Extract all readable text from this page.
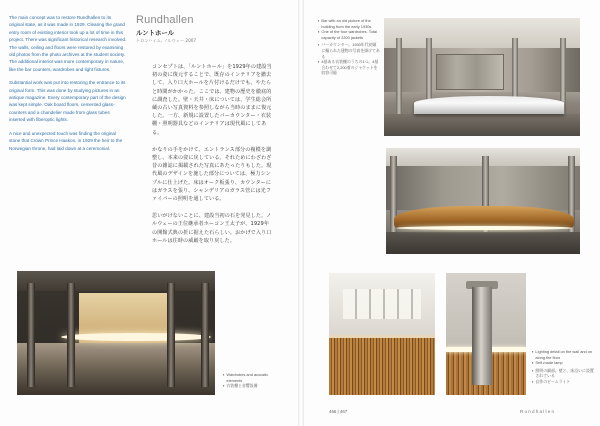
The main concept was to restore Rundhallen to its original state, as it was made in 1929. Clearing the grand entry room of existing interior took up a lot of time in this project. There was significant historical research involved. The walls, ceiling and floors were restored by examining old photos from the photo archives at the student society. The additional interior was more contemporary in nature, like the bar counters, wardrobes and light fixtures.

Substantial work was put into restoring the entrance to its original form. This was done by studying pictures in an antique magazine. Every contemporary part of the design was kept simple. Oak board floors, cemented glass-counters and a chandelier made from glass tubes inserted with fiberoptic lights.

A nice and unexpected touch was finding the original stone that Crown Prince Haakon, in 1929 the heir to the Norwegian throne, had laid down at a ceremonial.

Rundhallen
ルントホール
トロンハイム, ノルウェー 2007

コンセプトは、「ルントホール」を1929年の建設当初の姿に復元することで、既存のインテリアを撤去して、入り口大ホールを片付けるだけでも、やたらと時間がかかった。ここでは、建物の歴史を徹底的に調査した。壁・天井・床については、学生総会所蔵の古い写真資料を参照しながら当時のままに復元した。一方、新規に設置したバーカウンター・衣装棚・照明器具などのインテリアは現代風にしてある。

かなりの手をかけて、エントランス部分の複模を調整し、本来の姿に戻している。それためにわざわざ昔の雑誌に掲載された写真にあたったりもした。現代風のデザインを施した部分については、極力シンプルに仕上げた。床はオーク板張り、カウンターにはガラスを張り、シャンデリアのガラス管には光ファイバーの照明を通している。

思いがけないことに、建設当初の石を発見した。ノルウェーの王位継承者ホーコン王太子が、1929年の開館式典の折に据えた石らしい。おかげで入り口ホールは往時の威厳を取り戻した。

▪ Bar with an old picture of the building from the early 1930s
▪ One of the four wardrobes. Total capacity of 2200 jackets
▪ バーカウンター。1930年代初頭に撮られた建物の写真を掛けてある
▪ 4基ある衣装棚のうちの1つ。4基合わせて2,200着のジャケットを収容可能
▪ Wardrobes and acoustic elements
▪ 衣装棚と音響設備
▪ Lighting detail on the wall and on along the floor
▪ Self-made lamp
▪ 照明の細部。壁と、床沿いに設置されている
▪ 自作のビームライト
466 | 467	Rundhallen
